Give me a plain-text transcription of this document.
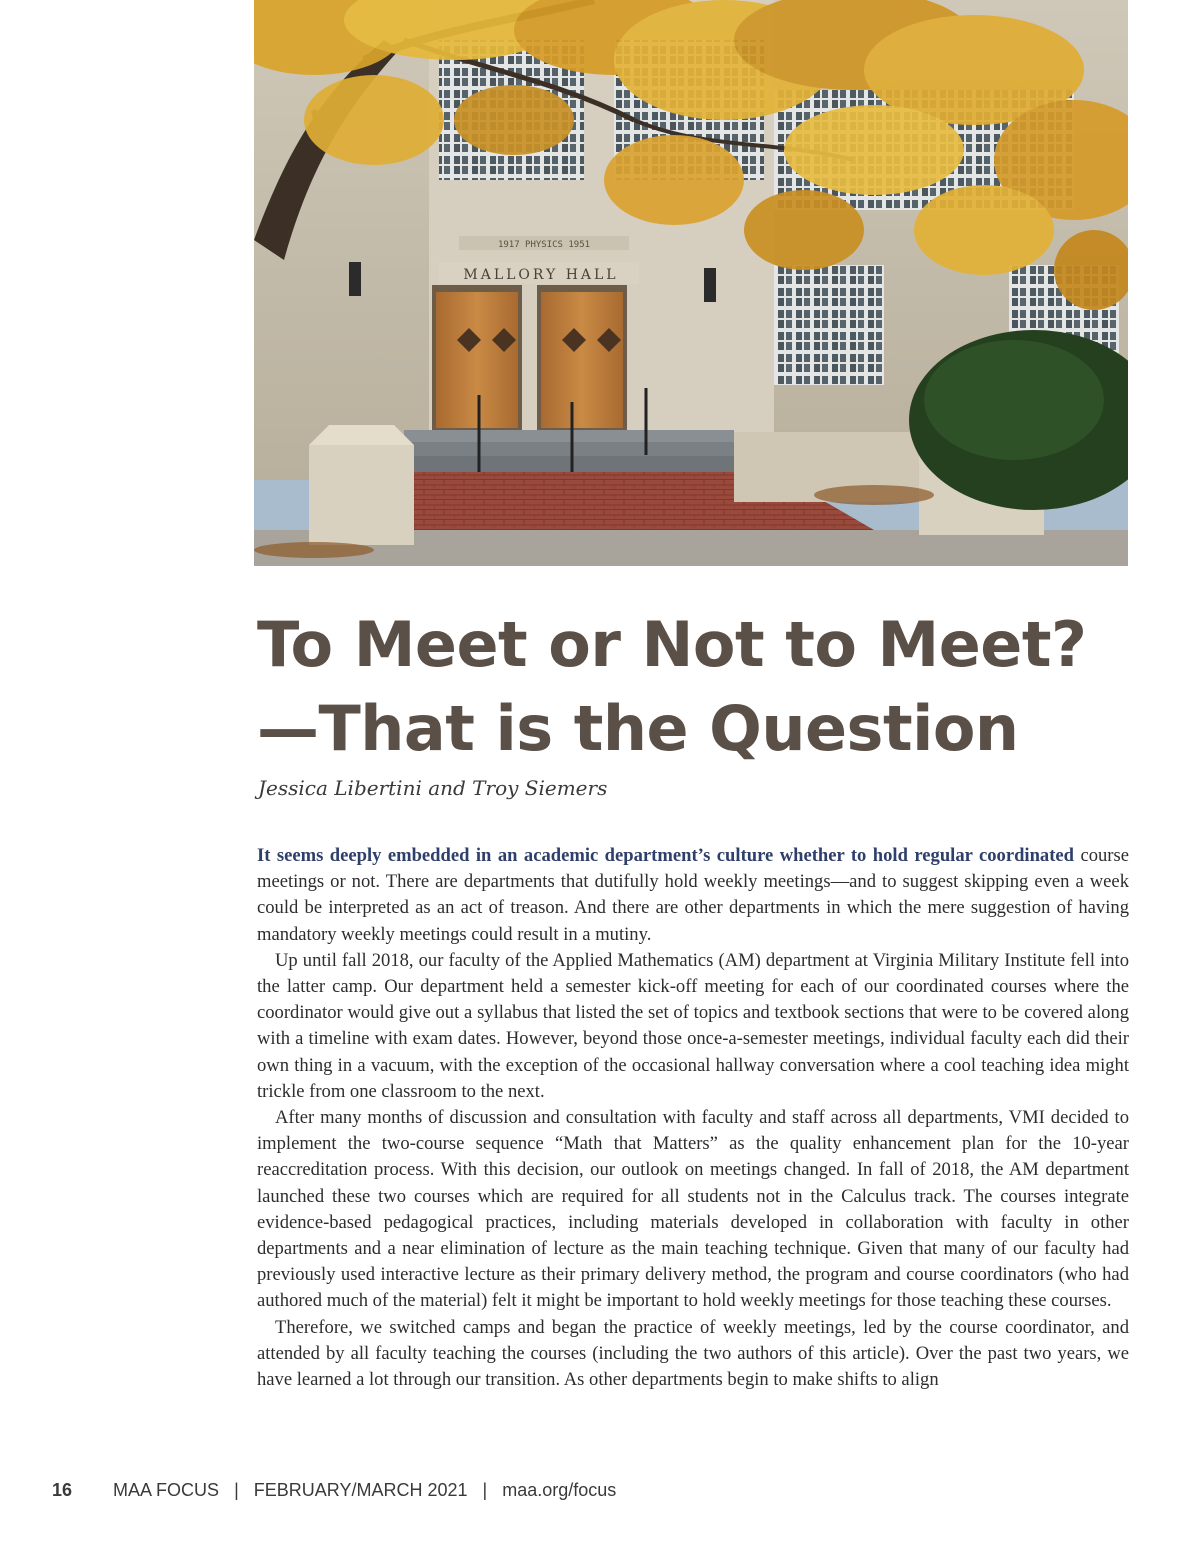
1917 PHYSICS 1951
MALLORY HALL
To Meet or Not to Meet?—That is the Question

Jessica Libertini and Troy Siemers

It seems deeply embedded in an academic department’s culture whether to hold regular coordinated course meetings or not. There are departments that dutifully hold weekly meetings—and to suggest skipping even a week could be interpreted as an act of treason. And there are other departments in which the mere suggestion of having mandatory weekly meetings could result in a mutiny.

Up until fall 2018, our faculty of the Applied Mathematics (AM) department at Virginia Military Institute fell into the latter camp. Our department held a semester kick-off meeting for each of our coordinated courses where the coordinator would give out a syllabus that listed the set of topics and textbook sections that were to be covered along with a timeline with exam dates. However, beyond those once-a-semester meetings, individual faculty each did their own thing in a vacuum, with the exception of the occasional hallway conversation where a cool teaching idea might trickle from one classroom to the next.

After many months of discussion and consultation with faculty and staff across all departments, VMI decided to implement the two-course sequence “Math that Matters” as the quality enhancement plan for the 10-year reaccreditation process. With this decision, our outlook on meetings changed. In fall of 2018, the AM department launched these two courses which are required for all students not in the Calculus track. The courses integrate evidence-based pedagogical practices, including materials developed in collaboration with faculty in other departments and a near elimination of lecture as the main teaching technique. Given that many of our faculty had previously used interactive lecture as their primary delivery method, the program and course coordinators (who had authored much of the material) felt it might be important to hold weekly meetings for those teaching these courses.

Therefore, we switched camps and began the practice of weekly meetings, led by the course coordinator, and attended by all faculty teaching the courses (including the two authors of this article). Over the past two years, we have learned a lot through our transition. As other departments begin to make shifts to align

16 MAA FOCUS | FEBRUARY/MARCH 2021 | maa.org/focus
